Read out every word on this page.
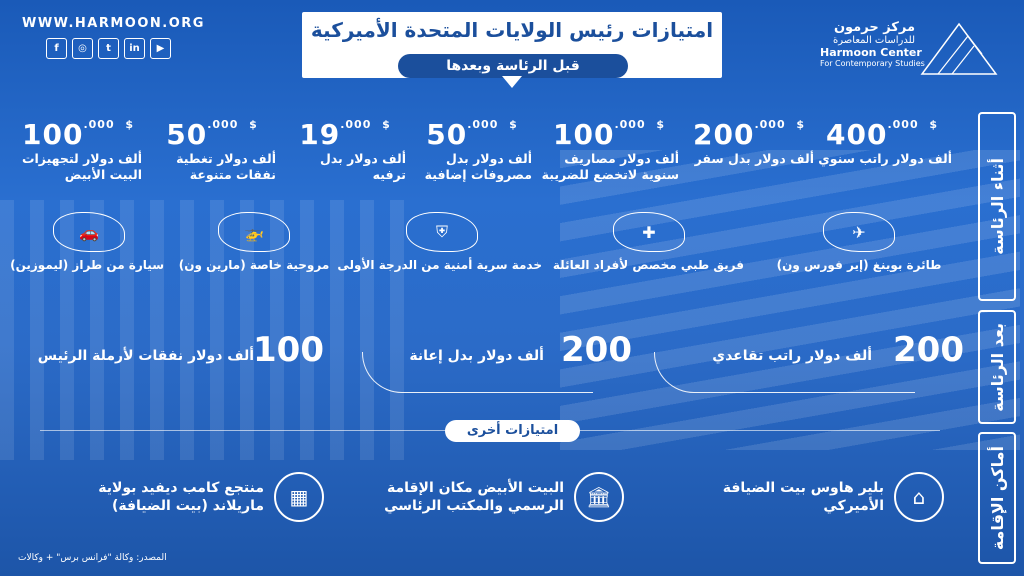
WWW.HARMOON.ORG
f	◎	t	in	▶
امتيازات رئيس الولايات المتحدة الأميركية
قبل الرئاسة وبعدها
مركز حرمون
للدراسات المعاصرة
Harmoon Center
For Contemporary Studies
أثناء الرئاسة
بعد الرئاسة
أماكن الإقامة
$400^{.000}$ $
ألف دولار راتب سنوي
$200^{.000}$ $
ألف دولار بدل سفر
$100^{.000}$ $
ألف دولار مصاريف سنوية لاتخضع للضريبة
$50^{.000}$ $
ألف دولار بدل مصروفات إضافية
$19^{.000}$ $
ألف دولار بدل ترفيه
$50^{.000}$ $
ألف دولار تغطية نفقات متنوعة
$100^{.000}$ $
ألف دولار لتجهيزات البيت الأبيض
✈
طائرة بوينغ (إير فورس ون)
✚
فريق طبي مخصص لأفراد العائلة
⛨
خدمة سرية أمنية من الدرجة الأولى
🚁
مروحية خاصة (مارين ون)
🚗
سيارة من طراز (ليموزين)
200
ألف دولار راتب تقاعدي
200
ألف دولار بدل إعانة
100
ألف دولار نفقات لأرملة الرئيس
امتيازات أخرى
⌂
بلير هاوس بيت الضيافة الأميركي
🏛
البيت الأبيض مكان الإقامة الرسمي والمكتب الرئاسي
▦
منتجع كامب ديفيد بولاية ماريلاند (بيت الضيافة)
المصدر: وكالة "فرانس برس" + وكالات
